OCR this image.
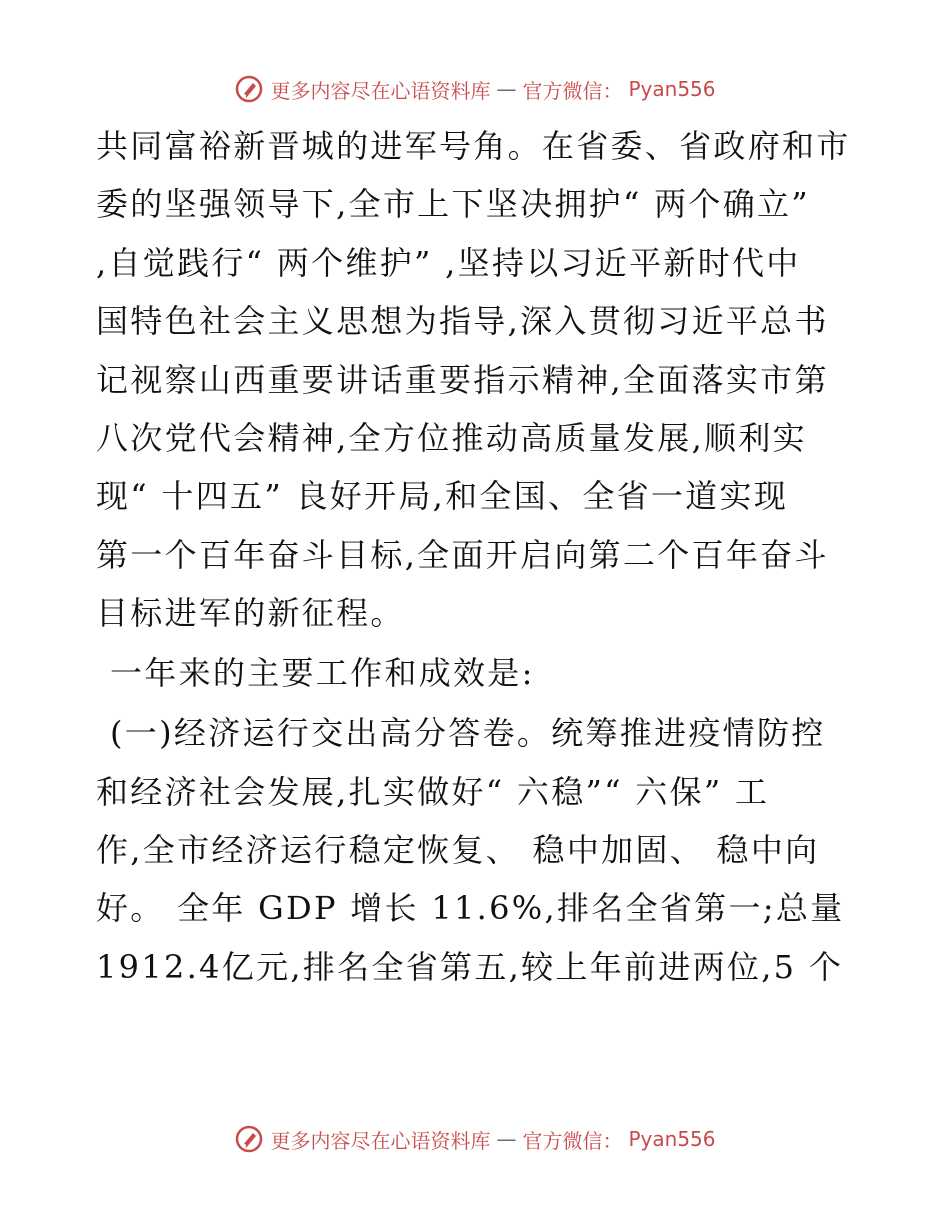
更多内容尽在心语资料库 — 官方微信： Pyan556
共同富裕新晋城的进军号角。在省委、省政府和市
委的坚强领导下,全市上下坚决拥护“ 两个确立”
,自觉践行“ 两个维护” ,坚持以习近平新时代中
国特色社会主义思想为指导,深入贯彻习近平总书
记视察山西重要讲话重要指示精神,全面落实市第
八次党代会精神,全方位推动高质量发展,顺利实
现“ 十四五” 良好开局,和全国、全省一道实现
第一个百年奋斗目标,全面开启向第二个百年奋斗
目标进军的新征程。
一年来的主要工作和成效是:
(一)经济运行交出高分答卷。统筹推进疫情防控
和经济社会发展,扎实做好“ 六稳”“ 六保” 工
作,全市经济运行稳定恢复、 稳中加固、 稳中向
好。 全年 GDP 增长 11.6%,排名全省第一;总量
1912.4亿元,排名全省第五,较上年前进两位,5 个
更多内容尽在心语资料库 — 官方微信： Pyan556
